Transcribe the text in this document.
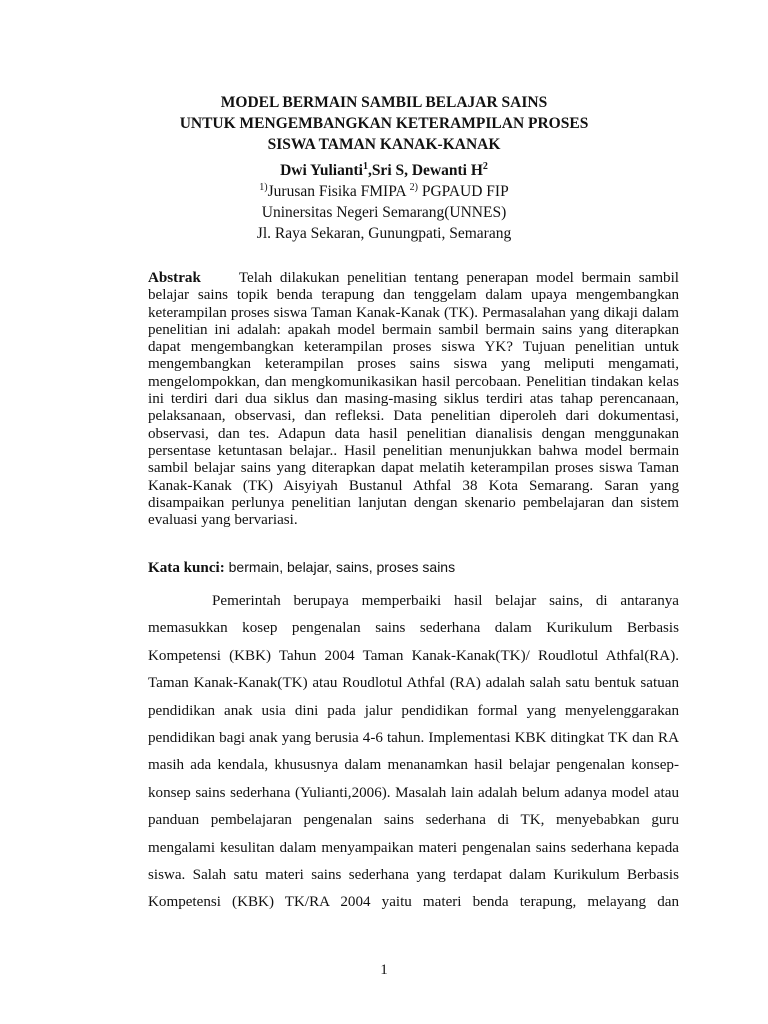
MODEL BERMAIN SAMBIL BELAJAR SAINS
UNTUK MENGEMBANGKAN KETERAMPILAN PROSES
SISWA TAMAN KANAK-KANAK
Dwi Yulianti$^1$,Sri S, Dewanti $H^2$
$^{1)}$Jurusan Fisika FMIPA $^{2)}$ PGPAUD FIP
Uninersitas Negeri Semarang(UNNES)
Jl. Raya Sekaran, Gunungpati, Semarang
Abstrak	Telah dilakukan penelitian tentang penerapan model bermain sambil
belajar sains topik benda terapung dan tenggelam dalam upaya mengembangkan
keterampilan proses siswa Taman Kanak-Kanak (TK). Permasalahan yang dikaji dalam
penelitian ini adalah: apakah model bermain sambil bermain sains yang diterapkan
dapat mengembangkan keterampilan proses siswa YK? Tujuan penelitian untuk
mengembangkan keterampilan proses sains siswa yang meliputi mengamati,
mengelompokkan, dan mengkomunikasikan hasil percobaan. Penelitian tindakan kelas
ini terdiri dari dua siklus dan masing-masing siklus terdiri atas tahap perencanaan,
pelaksanaan, observasi, dan refleksi. Data penelitian diperoleh dari dokumentasi,
observasi, dan tes. Adapun data hasil penelitian dianalisis dengan menggunakan
persentase ketuntasan belajar.. Hasil penelitian menunjukkan bahwa model bermain
sambil belajar sains yang diterapkan dapat melatih keterampilan proses siswa Taman
Kanak-Kanak (TK) Aisyiyah Bustanul Athfal 38 Kota Semarang. Saran yang
disampaikan perlunya penelitian lanjutan dengan skenario pembelajaran dan sistem
evaluasi yang bervariasi.
Kata kunci: bermain, belajar, sains, proses sains
Pemerintah berupaya memperbaiki hasil belajar sains, di antaranya
memasukkan kosep pengenalan sains sederhana dalam Kurikulum Berbasis
Kompetensi (KBK) Tahun 2004 Taman Kanak-Kanak(TK)/ Roudlotul Athfal(RA).
Taman Kanak-Kanak(TK) atau Roudlotul Athfal (RA) adalah salah satu bentuk satuan
pendidikan anak usia dini pada jalur pendidikan formal yang menyelenggarakan
pendidikan bagi anak yang berusia 4-6 tahun. Implementasi KBK ditingkat TK dan RA
masih ada kendala, khususnya dalam menanamkan hasil belajar pengenalan konsep-
konsep sains sederhana (Yulianti,2006). Masalah lain adalah belum adanya model atau
panduan pembelajaran pengenalan sains sederhana di TK, menyebabkan guru
mengalami kesulitan dalam menyampaikan materi pengenalan sains sederhana kepada
siswa. Salah satu materi sains sederhana yang terdapat dalam Kurikulum Berbasis
Kompetensi (KBK) TK/RA 2004 yaitu materi benda terapung, melayang dan
1
